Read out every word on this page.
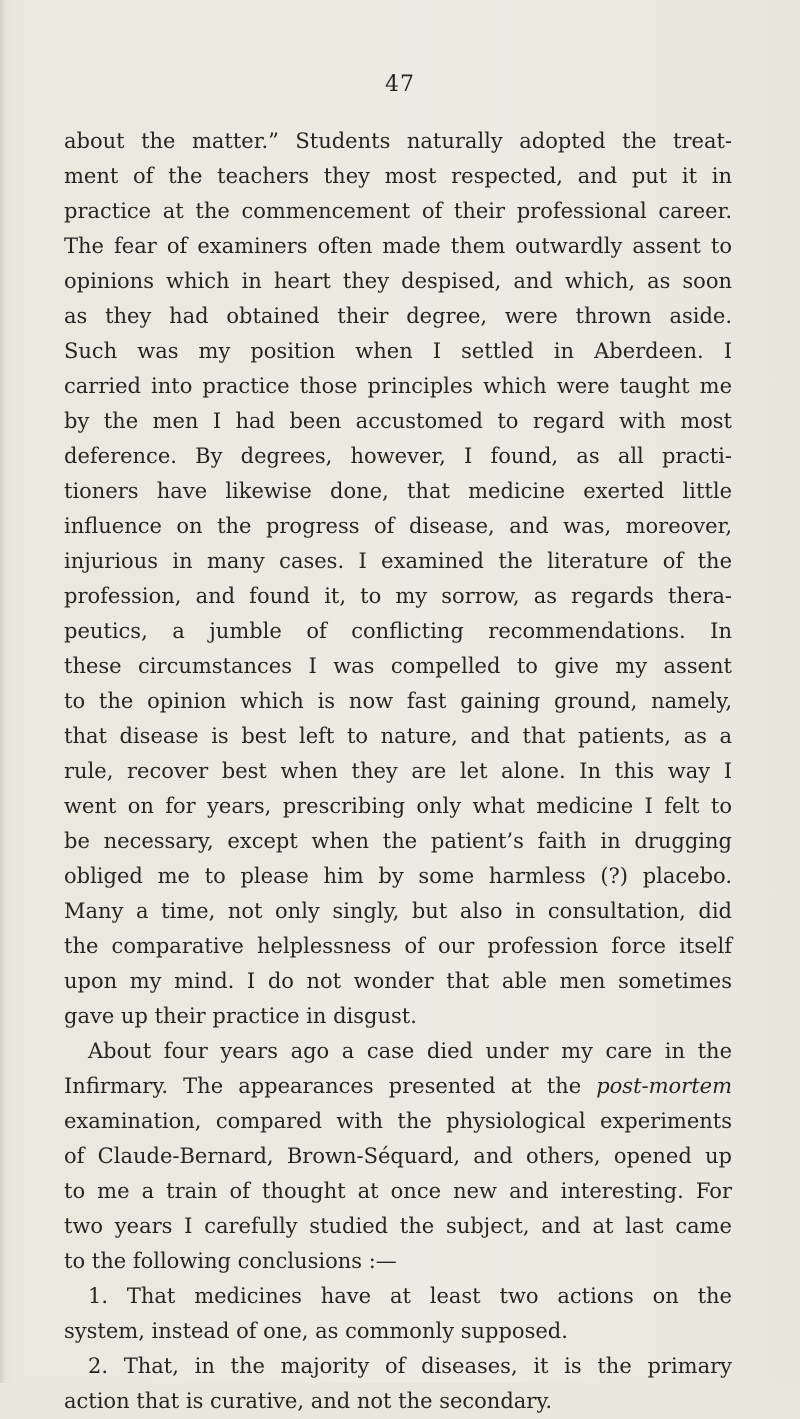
47
about the matter.” Students naturally adopted the treat-
ment of the teachers they most respected, and put it in
practice at the commencement of their professional career.
The fear of examiners often made them outwardly assent to
opinions which in heart they despised, and which, as soon
as they had obtained their degree, were thrown aside.
Such was my position when I settled in Aberdeen. I
carried into practice those principles which were taught me
by the men I had been accustomed to regard with most
deference. By degrees, however, I found, as all practi-
tioners have likewise done, that medicine exerted little
influence on the progress of disease, and was, moreover,
injurious in many cases. I examined the literature of the
profession, and found it, to my sorrow, as regards thera-
peutics, a jumble of conflicting recommendations. In
these circumstances I was compelled to give my assent
to the opinion which is now fast gaining ground, namely,
that disease is best left to nature, and that patients, as a
rule, recover best when they are let alone. In this way I
went on for years, prescribing only what medicine I felt to
be necessary, except when the patient’s faith in drugging
obliged me to please him by some harmless (?) placebo.
Many a time, not only singly, but also in consultation, did
the comparative helplessness of our profession force itself
upon my mind. I do not wonder that able men sometimes
gave up their practice in disgust.
About four years ago a case died under my care in the
Infirmary. The appearances presented at the post-mortem
examination, compared with the physiological experiments
of Claude-Bernard, Brown-Séquard, and others, opened up
to me a train of thought at once new and interesting. For
two years I carefully studied the subject, and at last came
to the following conclusions :—
1. That medicines have at least two actions on the
system, instead of one, as commonly supposed.
2. That, in the majority of diseases, it is the primary
action that is curative, and not the secondary.
